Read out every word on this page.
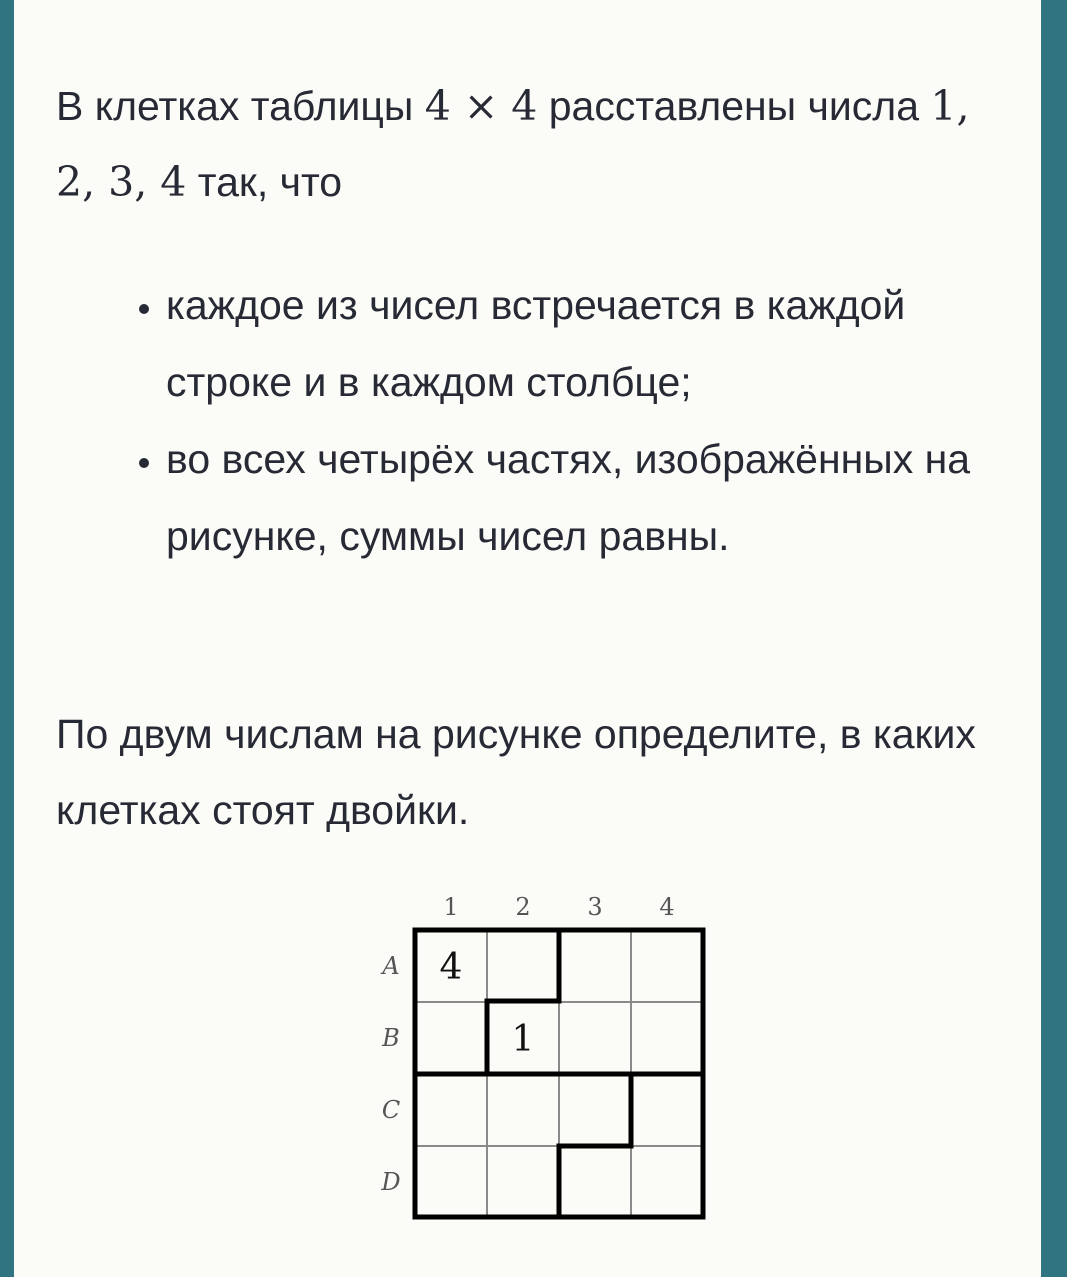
В клетках таблицы 4 × 4 расставлены числа 1, 2, 3, 4 так, что
• каждое из чисел встречается в каждой строке и в каждом столбце;
• во всех четырёх частях, изображённых на рисунке, суммы чисел равны.
По двум числам на рисунке определите, в каких клетках стоят двойки.
1 2 3 4
A
B
C
D
4
1
